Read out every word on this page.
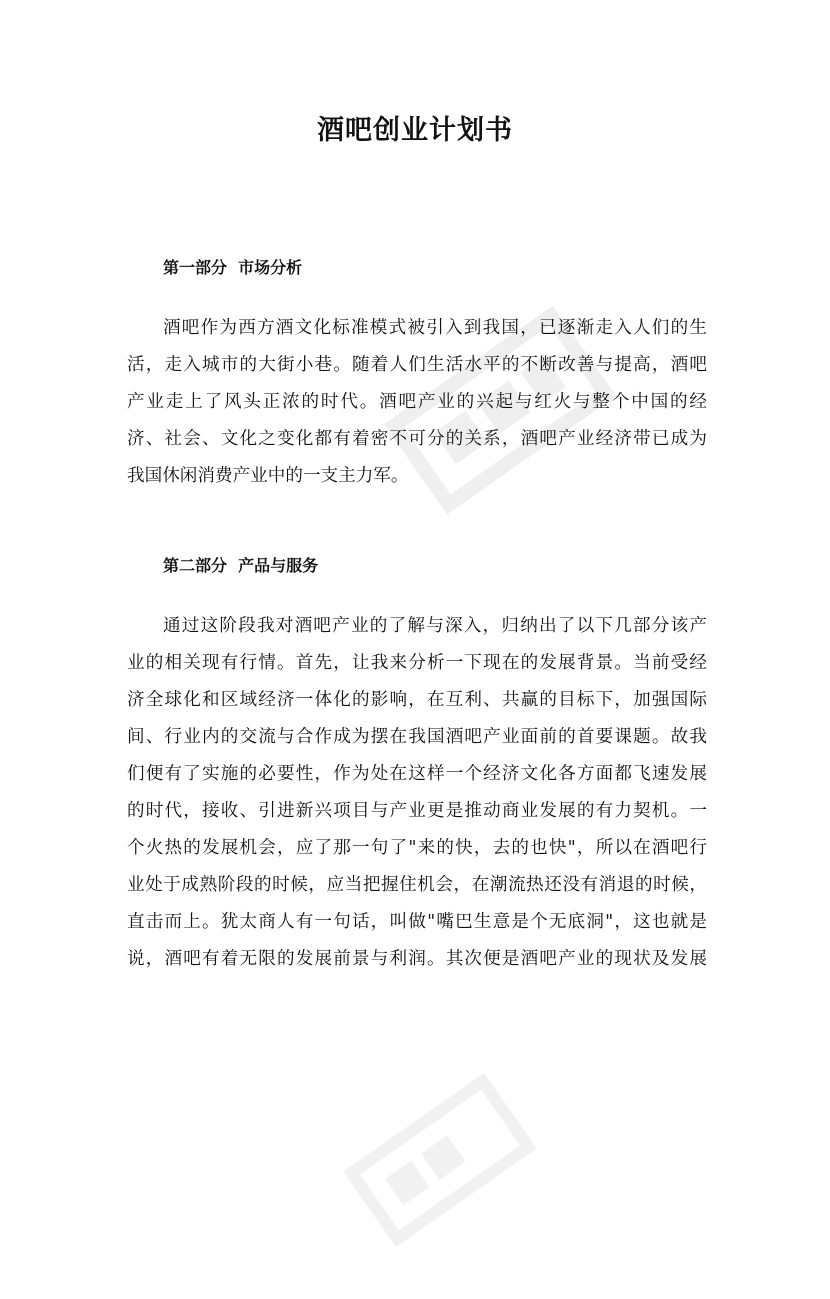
酒吧创业计划书
第一部分  市场分析
酒吧作为西方酒文化标准模式被引入到我国，已逐渐走入人们的生
活，走入城市的大街小巷。随着人们生活水平的不断改善与提高，酒吧
产业走上了风头正浓的时代。酒吧产业的兴起与红火与整个中国的经
济、社会、文化之变化都有着密不可分的关系，酒吧产业经济带已成为
我国休闲消费产业中的一支主力军。
第二部分  产品与服务
通过这阶段我对酒吧产业的了解与深入，归纳出了以下几部分该产
业的相关现有行情。首先，让我来分析一下现在的发展背景。当前受经
济全球化和区域经济一体化的影响，在互利、共赢的目标下，加强国际
间、行业内的交流与合作成为摆在我国酒吧产业面前的首要课题。故我
们便有了实施的必要性，作为处在这样一个经济文化各方面都飞速发展
的时代，接收、引进新兴项目与产业更是推动商业发展的有力契机。一
个火热的发展机会，应了那一句了"来的快，去的也快"，所以在酒吧行
业处于成熟阶段的时候，应当把握住机会，在潮流热还没有消退的时候，
直击而上。犹太商人有一句话，叫做"嘴巴生意是个无底洞"，这也就是
说，酒吧有着无限的发展前景与利润。其次便是酒吧产业的现状及发展
